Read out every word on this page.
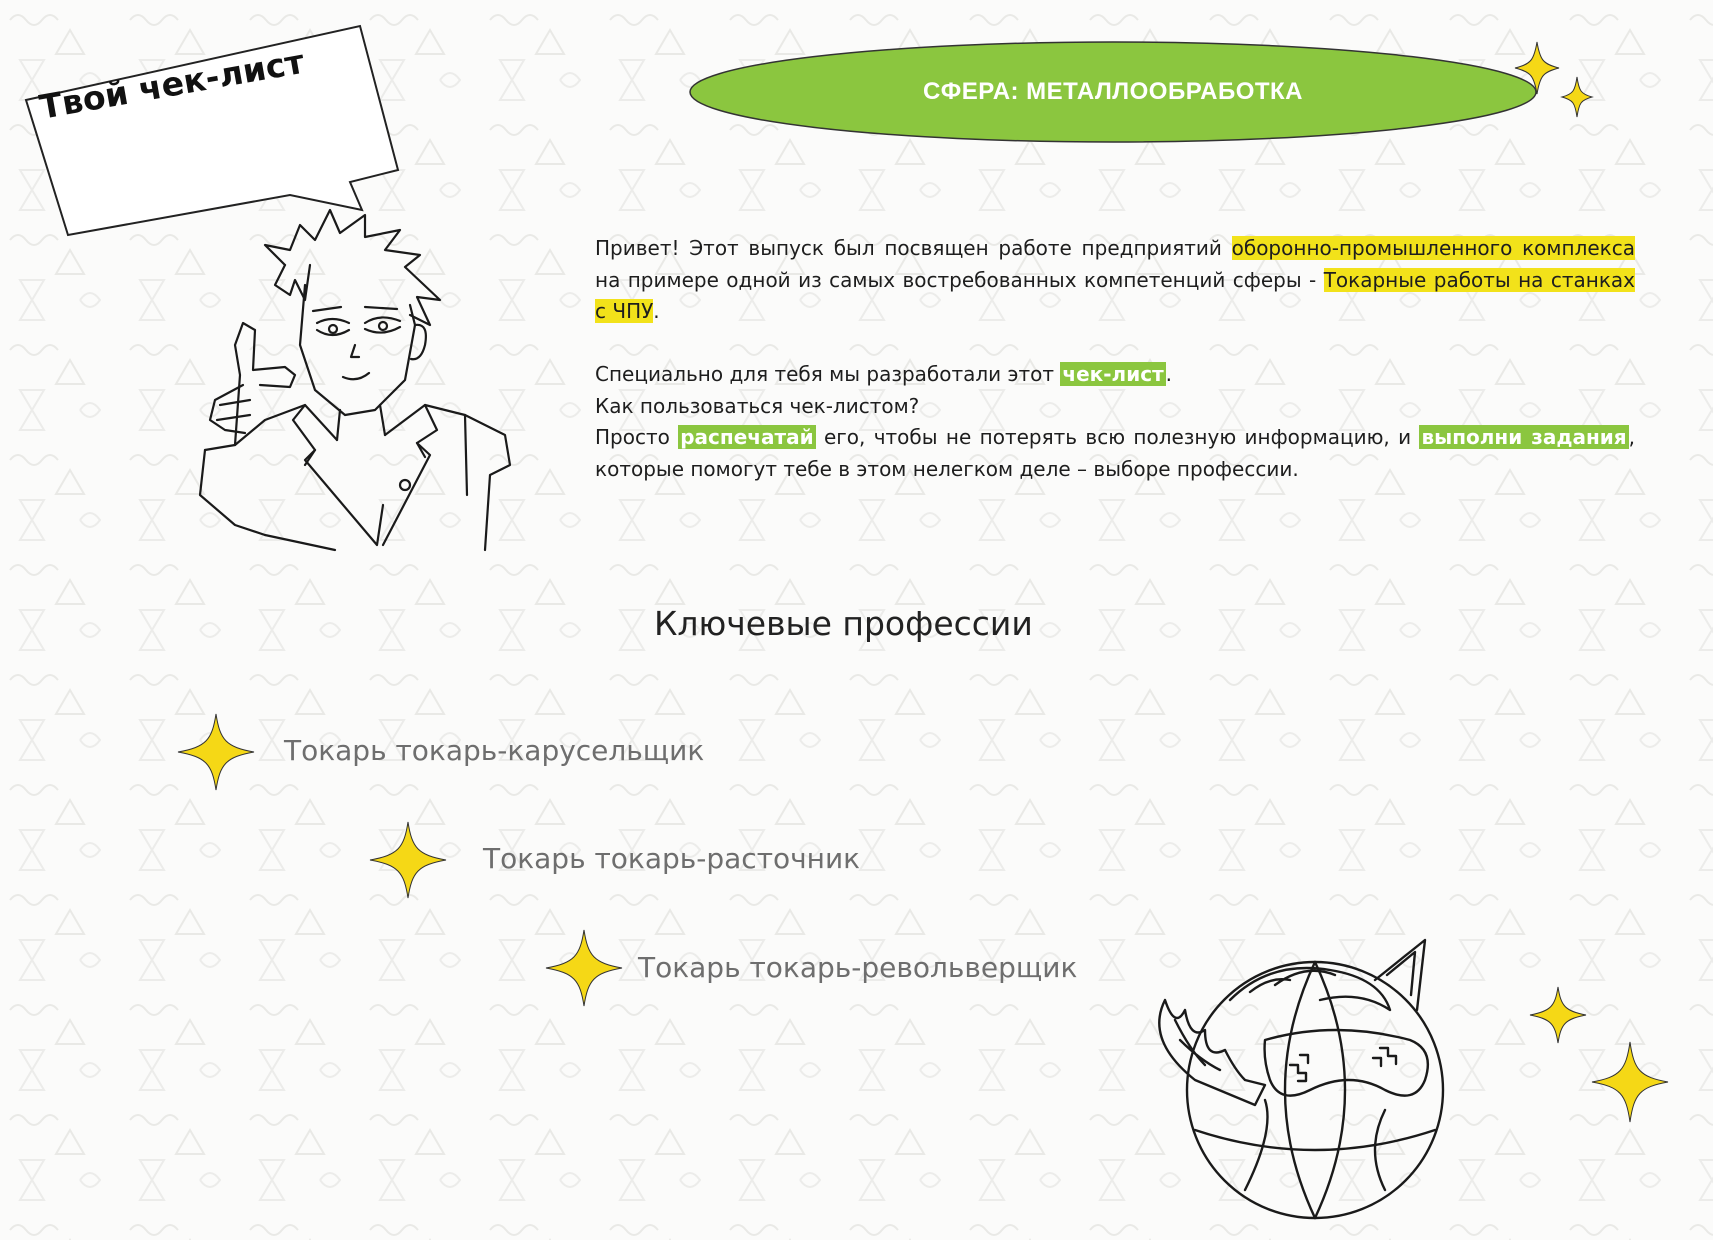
Твой чек-лист	СФЕРА: МЕТАЛЛООБРАБОТКА

Привет! Этот выпуск был посвящен работе предприятий оборонно-промышленного комплекса на примере одной из самых востребованных компетенций сферы - Токарные работы на станках с ЧПУ.

Специально для тебя мы разработали этот чек-лист .

Как пользоваться чек-листом?

Просто распечатай его, чтобы не потерять всю полезную информацию, и выполни задания , которые помогут тебе в этом нелегком деле – выборе профессии.

Ключевые профессии
Токарь токарь-карусельщик
Токарь токарь-расточник
Токарь токарь-револьверщик
